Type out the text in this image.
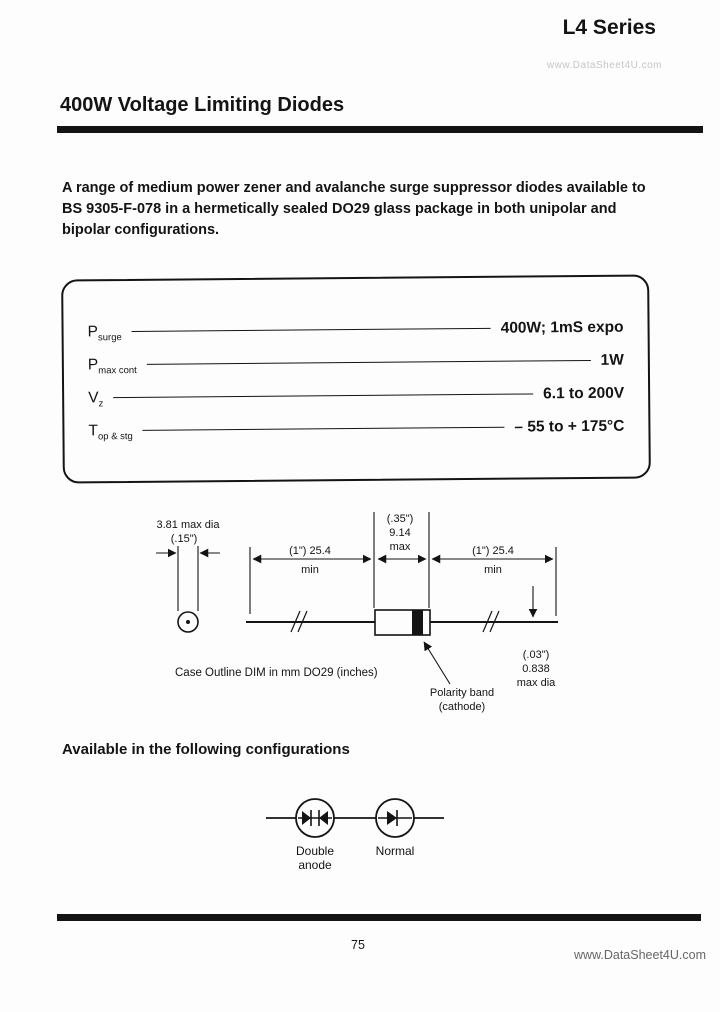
L4 Series
www.DataSheet4U.com
400W Voltage Limiting Diodes
A range of medium power zener and avalanche surge suppressor diodes available to BS 9305-F-078 in a hermetically sealed DO29 glass package in both unipolar and bipolar configurations.
$P_{surge}$
400W; 1mS expo
$P_{max cont}$
1W
$V_z$
6.1 to 200V
$T_{op \& stg}$
– 55 to + 175°C
3.81 max dia
(.15")
(1") 25.4
min
(.35")
9.14
max	(1") 25.4
min
(.03")
0.838
max dia
Case Outline DIM in mm DO29 (inches)
Polarity band
(cathode)
Available in the following configurations
Double
anode
Normal
75
www.DataSheet4U.com
